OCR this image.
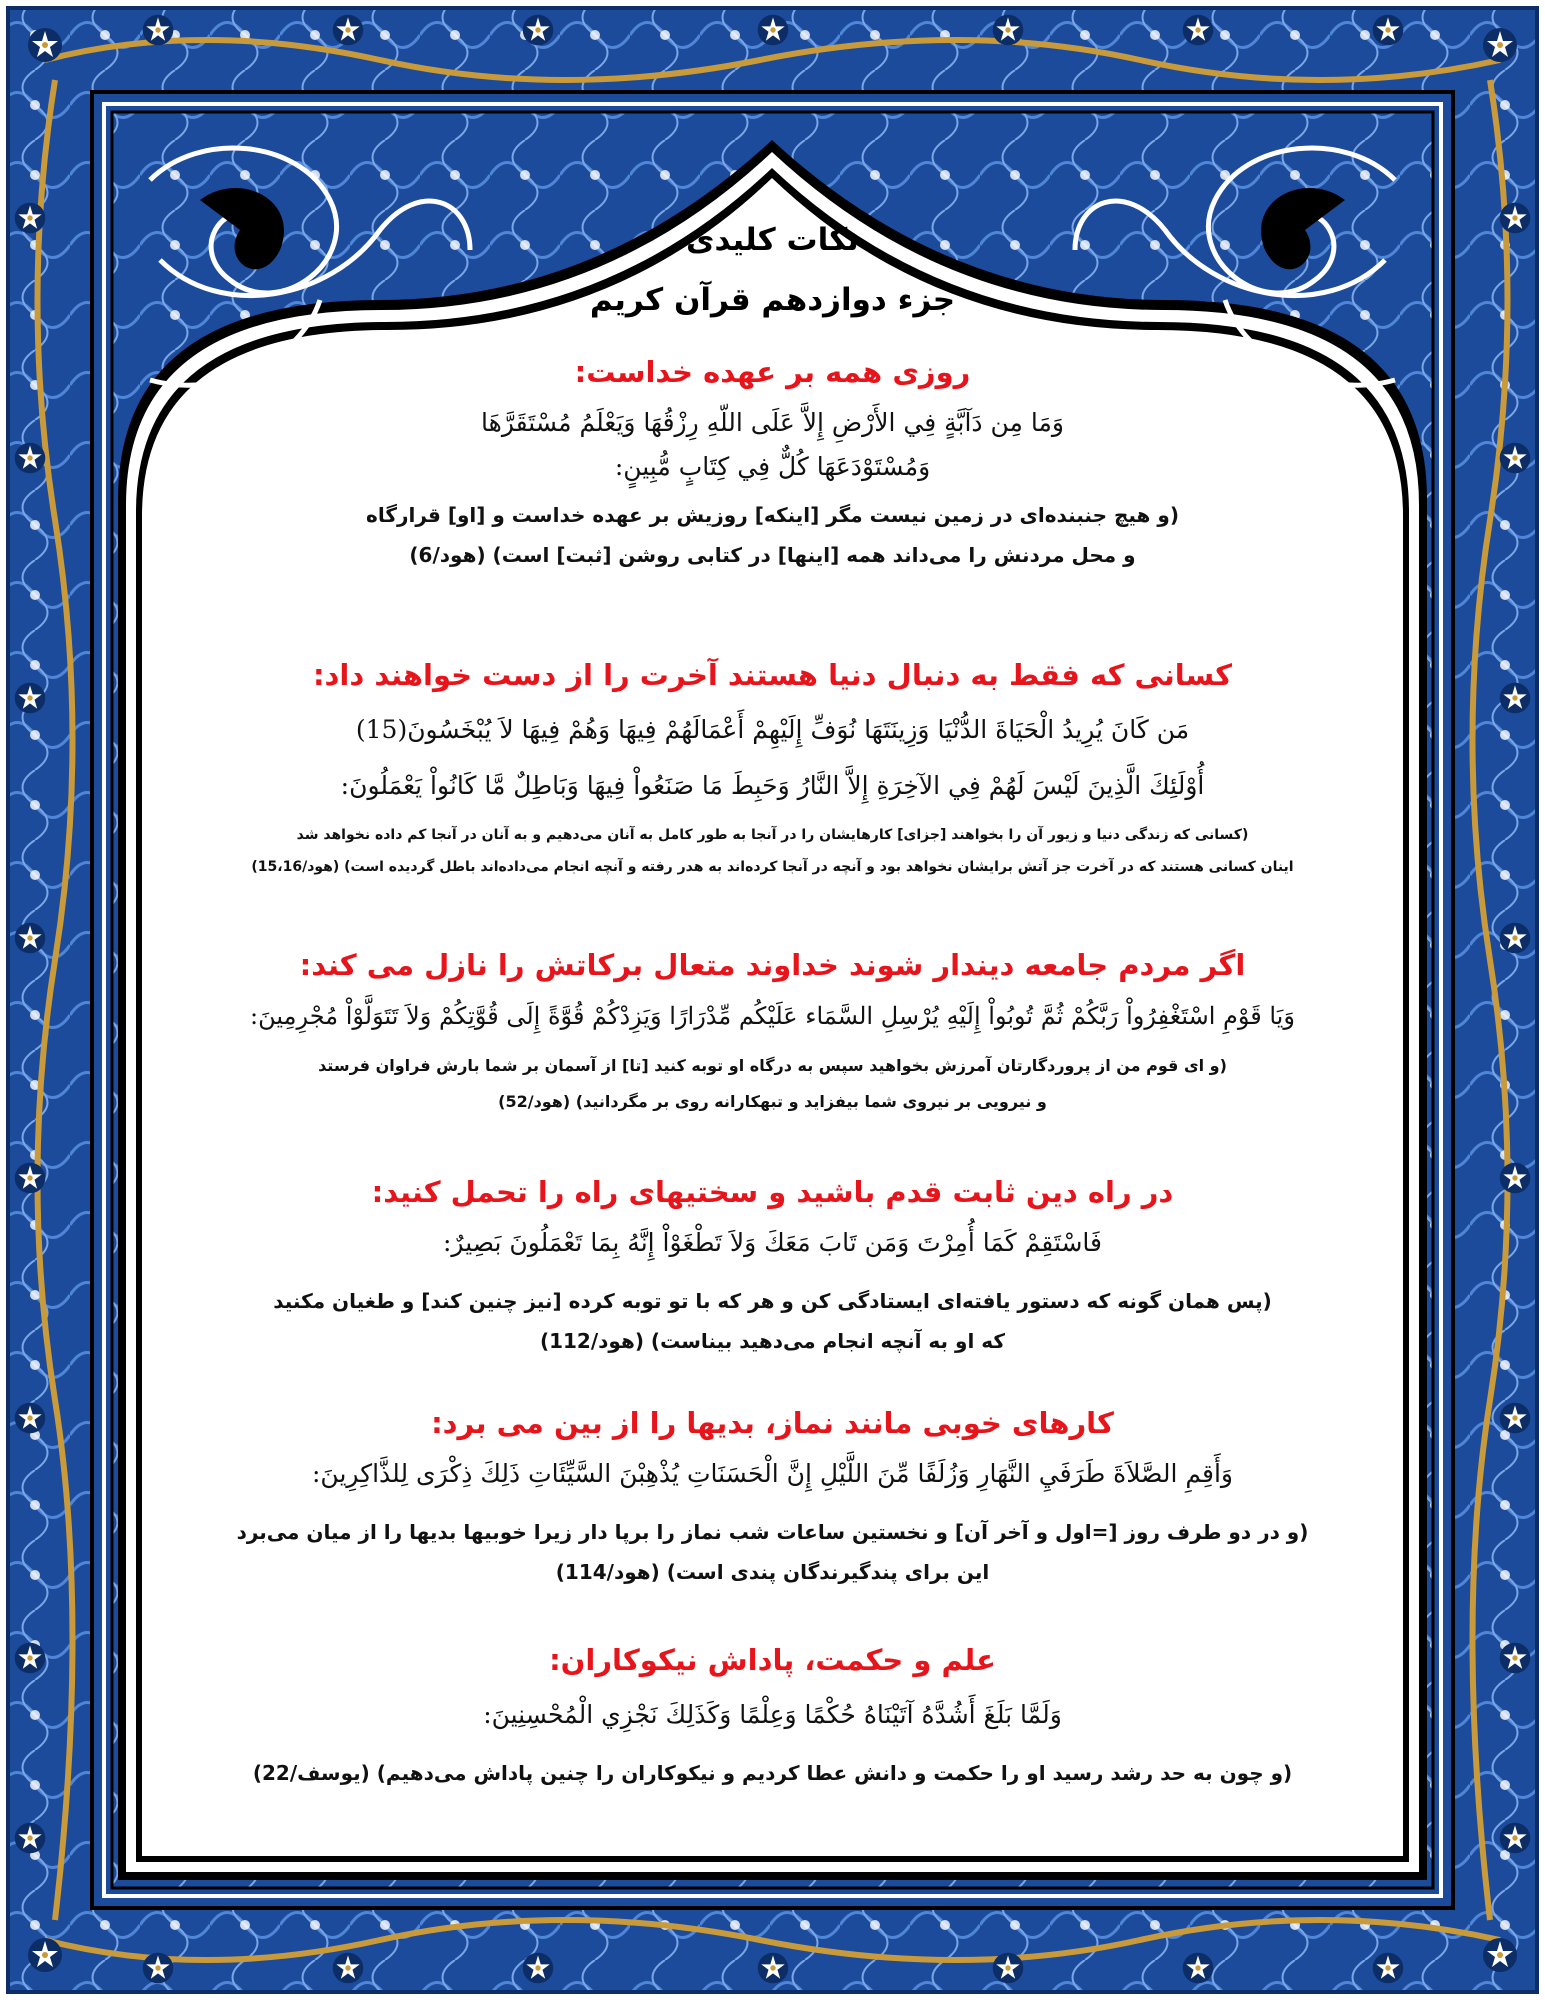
نکات کلیدی
جزء دوازدهم قرآن کریم
روزی همه بر عهده خداست:
وَمَا مِن دَآبَّةٍ فِي الأَرْضِ إِلاَّ عَلَى اللّهِ رِزْقُهَا وَيَعْلَمُ مُسْتَقَرَّهَا
وَمُسْتَوْدَعَهَا كُلٌّ فِي كِتَابٍ مُّبِينٍ:
(و هیچ جنبنده‌ای در زمین نیست مگر [اینکه] روزیش بر عهده خداست و [او] قرارگاه
و محل مردنش را می‌داند همه [اینها] در کتابی روشن [ثبت] است) (هود/6)
کسانی که فقط به دنبال دنیا هستند آخرت را از دست خواهند داد:
مَن كَانَ يُرِيدُ الْحَيَاةَ الدُّنْيَا وَزِينَتَهَا نُوَفِّ إِلَيْهِمْ أَعْمَالَهُمْ فِيهَا وَهُمْ فِيهَا لاَ يُبْخَسُونَ(15)
أُوْلَئِكَ الَّذِينَ لَيْسَ لَهُمْ فِي الآخِرَةِ إِلاَّ النَّارُ وَحَبِطَ مَا صَنَعُواْ فِيهَا وَبَاطِلٌ مَّا كَانُواْ يَعْمَلُونَ:
(کسانی که زندگی دنیا و زیور آن را بخواهند [جزای] کارهایشان را در آنجا به طور کامل به آنان می‌دهیم و به آنان در آنجا کم داده نخواهد شد
اینان کسانی هستند که در آخرت جز آتش برایشان نخواهد بود و آنچه در آنجا کرده‌اند به هدر رفته و آنچه انجام می‌داده‌اند باطل گردیده است) (هود/15،16)
اگر مردم جامعه دیندار شوند خداوند متعال برکاتش را نازل می کند:
وَيَا قَوْمِ اسْتَغْفِرُواْ رَبَّكُمْ ثُمَّ تُوبُواْ إِلَيْهِ يُرْسِلِ السَّمَاء عَلَيْكُم مِّدْرَارًا وَيَزِدْكُمْ قُوَّةً إِلَى قُوَّتِكُمْ وَلاَ تَتَوَلَّوْاْ مُجْرِمِينَ:
(و ای قوم من از پروردگارتان آمرزش بخواهید سپس به درگاه او توبه کنید [تا] از آسمان بر شما بارش فراوان فرستد
و نیرویی بر نیروی شما بیفزاید و تبهکارانه روی بر مگردانید) (هود/52)
در راه دین ثابت قدم باشید و سختیهای راه را تحمل کنید:
فَاسْتَقِمْ كَمَا أُمِرْتَ وَمَن تَابَ مَعَكَ وَلاَ تَطْغَوْاْ إِنَّهُ بِمَا تَعْمَلُونَ بَصِيرٌ:
(پس همان گونه که دستور یافته‌ای ایستادگی کن و هر که با تو توبه کرده [نیز چنین کند] و طغیان مکنید
که او به آنچه انجام می‌دهید بیناست) (هود/112)
کارهای خوبی مانند نماز، بدیها را از بین می برد:
وَأَقِمِ الصَّلاَةَ طَرَفَيِ النَّهَارِ وَزُلَفًا مِّنَ اللَّيْلِ إِنَّ الْحَسَنَاتِ يُذْهِبْنَ السَّيِّئَاتِ ذَلِكَ ذِكْرَى لِلذَّاكِرِينَ:
(و در دو طرف روز [=اول و آخر آن] و نخستین ساعات شب نماز را برپا دار زیرا خوبیها بدیها را از میان می‌برد
این برای پندگیرندگان پندی است) (هود/114)
علم و حکمت، پاداش نیکوکاران:
وَلَمَّا بَلَغَ أَشُدَّهُ آتَيْنَاهُ حُكْمًا وَعِلْمًا وَكَذَلِكَ نَجْزِي الْمُحْسِنِينَ:
(و چون به حد رشد رسید او را حکمت و دانش عطا کردیم و نیکوکاران را چنین پاداش می‌دهیم) (یوسف/22)
